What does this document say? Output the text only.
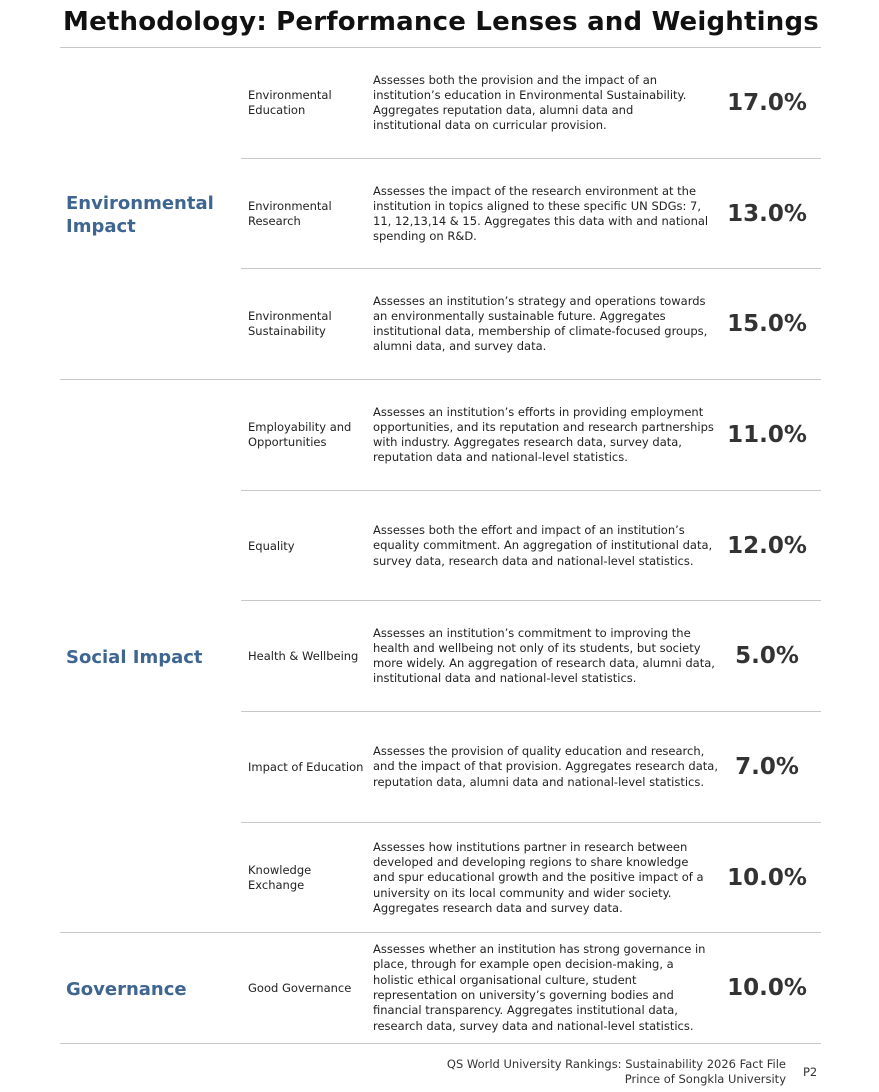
Methodology: Performance Lenses and Weightings
Environmental Impact
Social Impact
Governance
Environmental Education
Assesses both the provision and the impact of an institution’s education in Environmental Sustainability. Aggregates reputation data, alumni data and institutional data on curricular provision.
17.0%
Environmental Research
Assesses the impact of the research environment at the institution in topics aligned to these specific UN SDGs: 7, 11, 12,13,14 & 15. Aggregates this data with and national spending on R&D.
13.0%
Environmental Sustainability
Assesses an institution’s strategy and operations towards an environmentally sustainable future. Aggregates institutional data, membership of climate-focused groups, alumni data, and survey data.
15.0%
Employability and Opportunities
Assesses an institution’s efforts in providing employment opportunities, and its reputation and research partnerships with industry. Aggregates research data, survey data, reputation data and national-level statistics.
11.0%
Equality
Assesses both the effort and impact of an institution’s equality commitment. An aggregation of institutional data, survey data, research data and national-level statistics.
12.0%
Health & Wellbeing
Assesses an institution’s commitment to improving the health and wellbeing not only of its students, but society more widely. An aggregation of research data, alumni data, institutional data and national-level statistics.
5.0%
Impact of Education
Assesses the provision of quality education and research, and the impact of that provision. Aggregates research data, reputation data, alumni data and national-level statistics.
7.0%
Knowledge Exchange
Assesses how institutions partner in research between developed and developing regions to share knowledge and spur educational growth and the positive impact of a university on its local community and wider society. Aggregates research data and survey data.
10.0%
Good Governance
Assesses whether an institution has strong governance in place, through for example open decision-making, a holistic ethical organisational culture, student representation on university’s governing bodies and financial transparency. Aggregates institutional data, research data, survey data and national-level statistics.
10.0%
QS World University Rankings: Sustainability 2026 Fact File
Prince of Songkla University P2
